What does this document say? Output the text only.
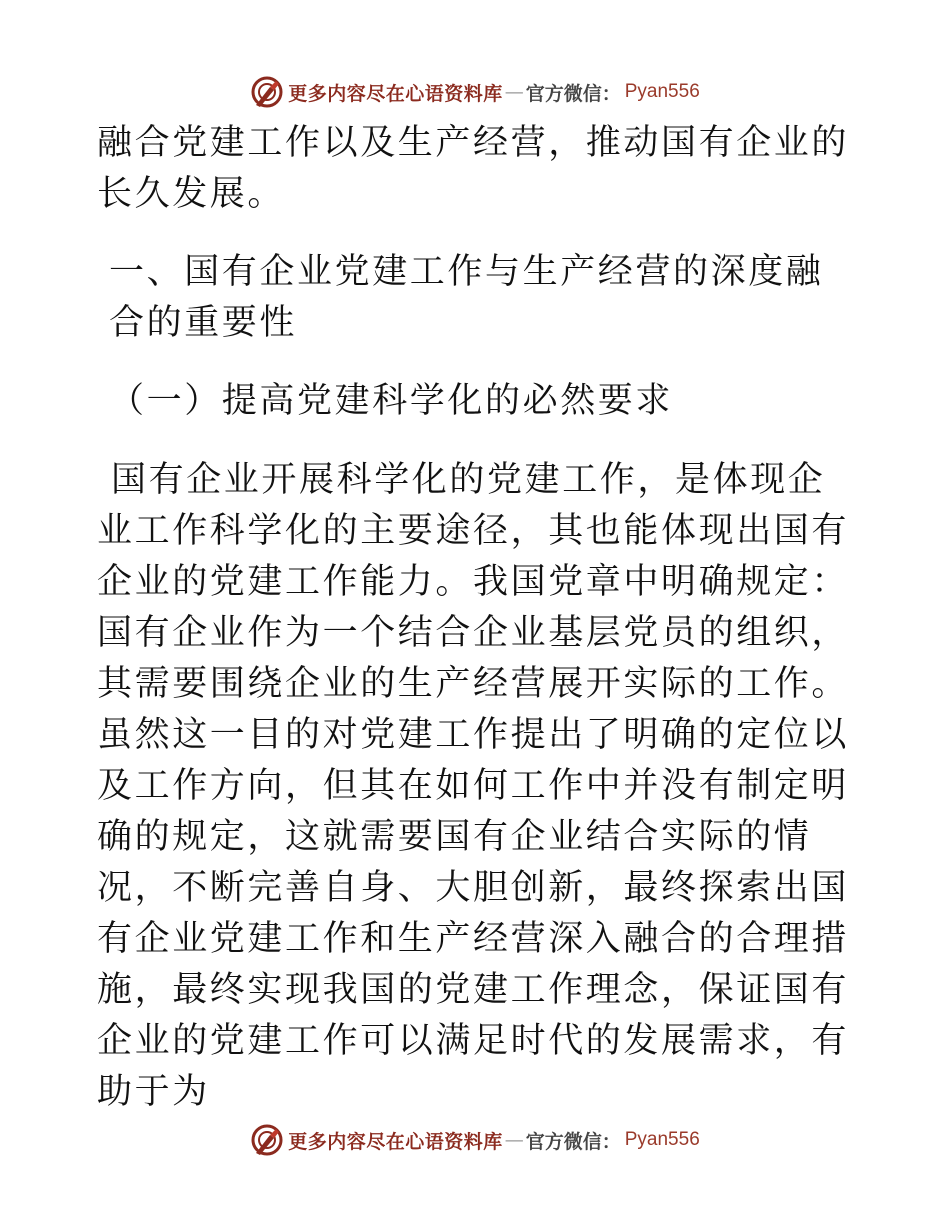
更多内容尽在心语资料库 — 官方微信： Pyan556

融合党建工作以及生产经营，推动国有企业的长久发展。

一、国有企业党建工作与生产经营的深度融合的重要性

（一）提高党建科学化的必然要求

国有企业开展科学化的党建工作，是体现企业工作科学化的主要途径，其也能体现出国有企业的党建工作能力。我国党章中明确规定：国有企业作为一个结合企业基层党员的组织，其需要围绕企业的生产经营展开实际的工作。虽然这一目的对党建工作提出了明确的定位以及工作方向，但其在如何工作中并没有制定明确的规定，这就需要国有企业结合实际的情况，不断完善自身、大胆创新，最终探索出国有企业党建工作和生产经营深入融合的合理措施，最终实现我国的党建工作理念，保证国有企业的党建工作可以满足时代的发展需求，有助于为

更多内容尽在心语资料库 — 官方微信： Pyan556
